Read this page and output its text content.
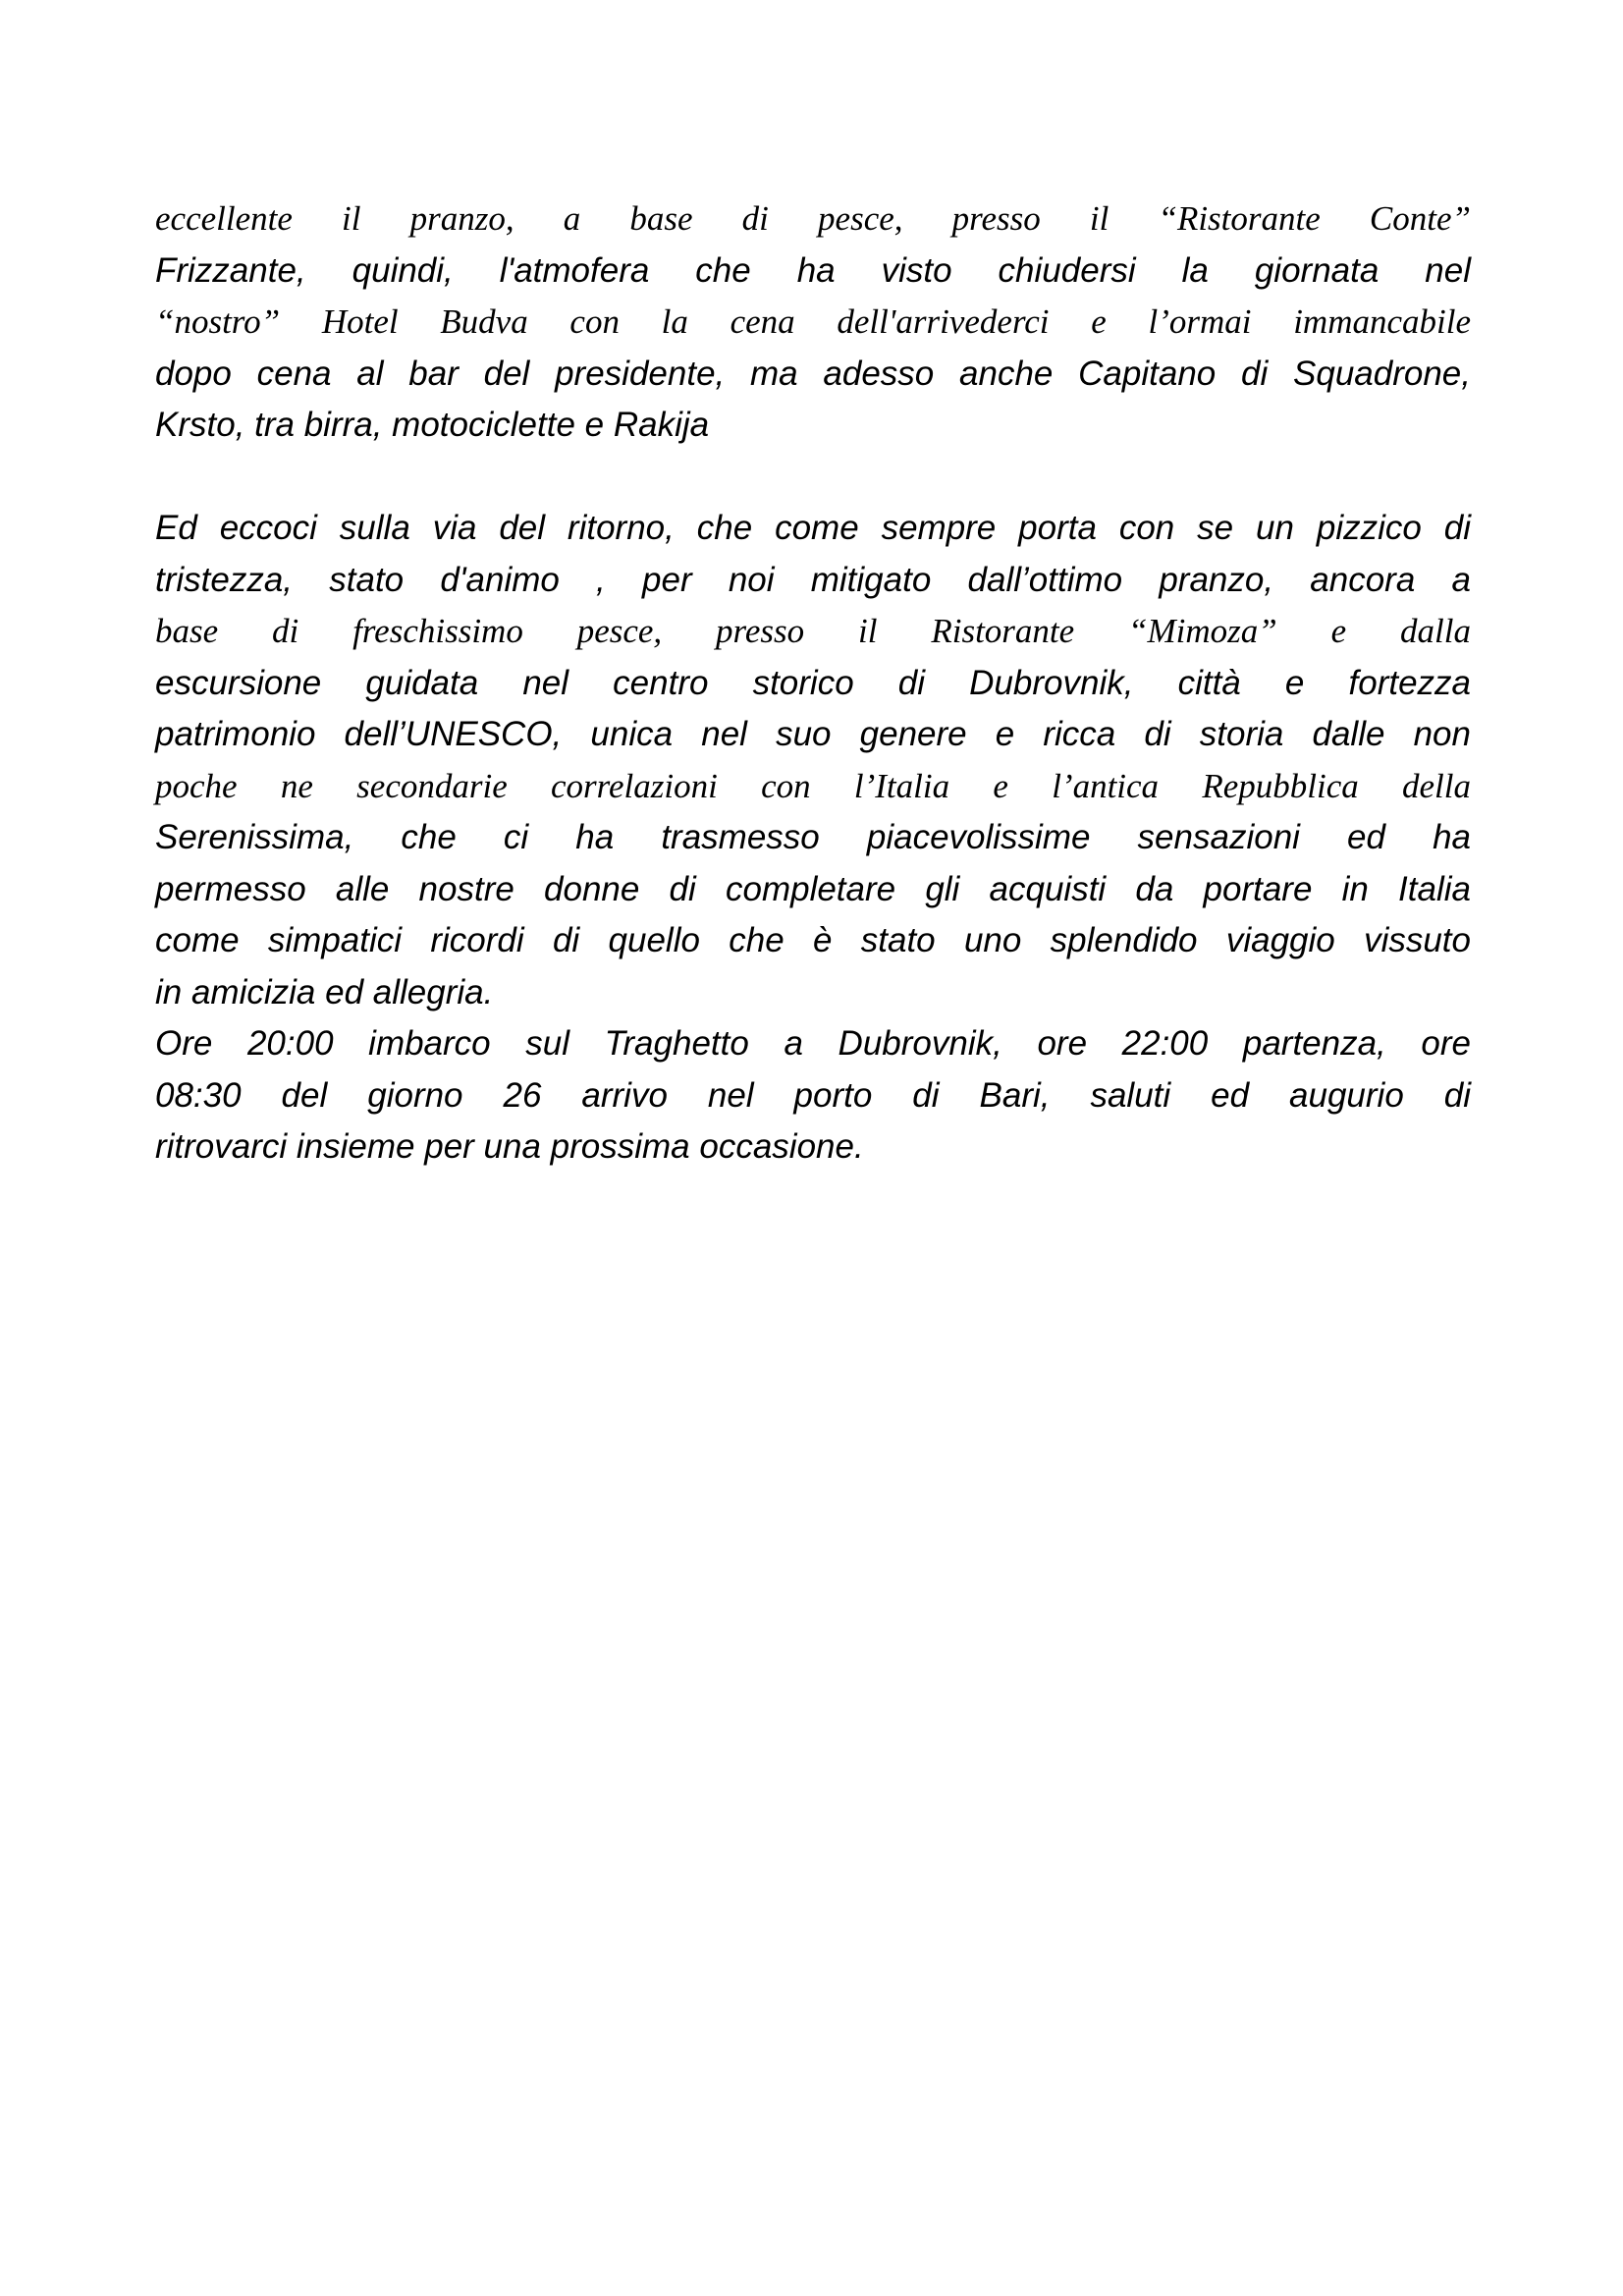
eccellente il pranzo, a base di pesce, presso il “Ristorante Conte”
Frizzante, quindi, l'atmofera che ha visto chiudersi la giornata nel
“nostro” Hotel Budva con la cena dell'arrivederci e l’ormai immancabile
dopo cena al bar del presidente, ma adesso anche Capitano di Squadrone,
Krsto, tra birra, motociclette e Rakija
Ed eccoci sulla via del ritorno, che come sempre porta con se un pizzico di
tristezza, stato d'animo , per noi mitigato dall’ottimo pranzo, ancora a
base di freschissimo pesce, presso il Ristorante “Mimoza” e dalla
escursione guidata nel centro storico di Dubrovnik, città e fortezza
patrimonio dell’UNESCO, unica nel suo genere e ricca di storia dalle non
poche ne secondarie correlazioni con l’Italia e l’antica Repubblica della
Serenissima, che ci ha trasmesso piacevolissime sensazioni ed ha
permesso alle nostre donne di completare gli acquisti da portare in Italia
come simpatici ricordi di quello che è stato uno splendido viaggio vissuto
in amicizia ed allegria.
Ore 20:00 imbarco sul Traghetto a Dubrovnik, ore 22:00 partenza, ore
08:30 del giorno 26 arrivo nel porto di Bari, saluti ed augurio di
ritrovarci insieme per una prossima occasione.
